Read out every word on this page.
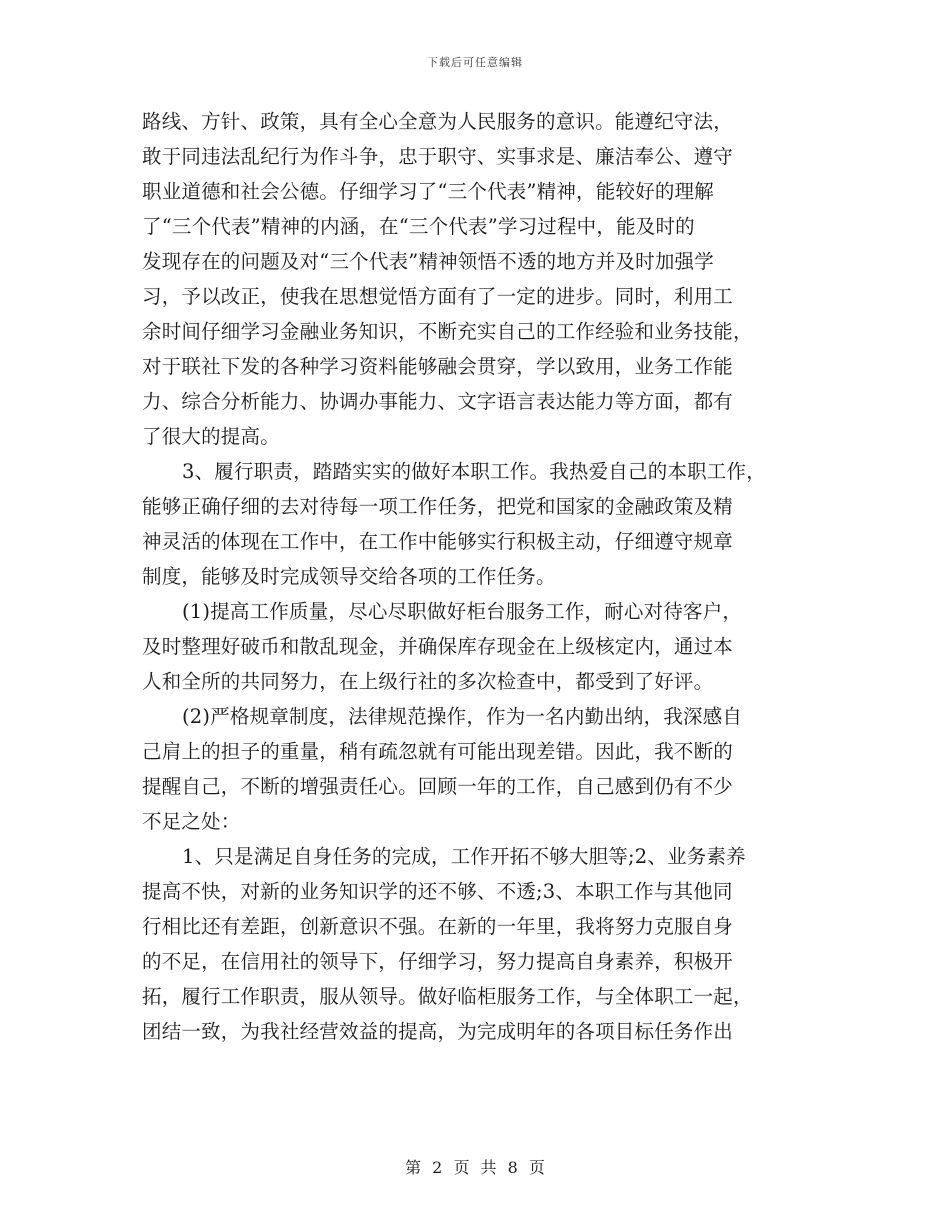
下载后可任意编辑
路线、方针、政策，具有全心全意为人民服务的意识。能遵纪守法，
敢于同违法乱纪行为作斗争，忠于职守、实事求是、廉洁奉公、遵守
职业道德和社会公德。仔细学习了“三个代表”精神，能较好的理解
了“三个代表”精神的内涵，在“三个代表”学习过程中，能及时的
发现存在的问题及对“三个代表”精神领悟不透的地方并及时加强学
习，予以改正，使我在思想觉悟方面有了一定的进步。同时，利用工
余时间仔细学习金融业务知识，不断充实自己的工作经验和业务技能，
对于联社下发的各种学习资料能够融会贯穿，学以致用，业务工作能
力、综合分析能力、协调办事能力、文字语言表达能力等方面，都有
了很大的提高。
3、履行职责，踏踏实实的做好本职工作。我热爱自己的本职工作，
能够正确仔细的去对待每一项工作任务，把党和国家的金融政策及精
神灵活的体现在工作中，在工作中能够实行积极主动，仔细遵守规章
制度，能够及时完成领导交给各项的工作任务。
(1)提高工作质量，尽心尽职做好柜台服务工作，耐心对待客户，
及时整理好破币和散乱现金，并确保库存现金在上级核定内，通过本
人和全所的共同努力，在上级行社的多次检查中，都受到了好评。
(2)严格规章制度，法律规范操作，作为一名内勤出纳，我深感自
己肩上的担子的重量，稍有疏忽就有可能出现差错。因此，我不断的
提醒自己，不断的增强责任心。回顾一年的工作，自己感到仍有不少
不足之处：
1、只是满足自身任务的完成，工作开拓不够大胆等;2、业务素养
提高不快，对新的业务知识学的还不够、不透;3、本职工作与其他同
行相比还有差距，创新意识不强。在新的一年里，我将努力克服自身
的不足，在信用社的领导下，仔细学习，努力提高自身素养，积极开
拓，履行工作职责，服从领导。做好临柜服务工作，与全体职工一起，
团结一致，为我社经营效益的提高，为完成明年的各项目标任务作出
第 2 页 共 8 页
